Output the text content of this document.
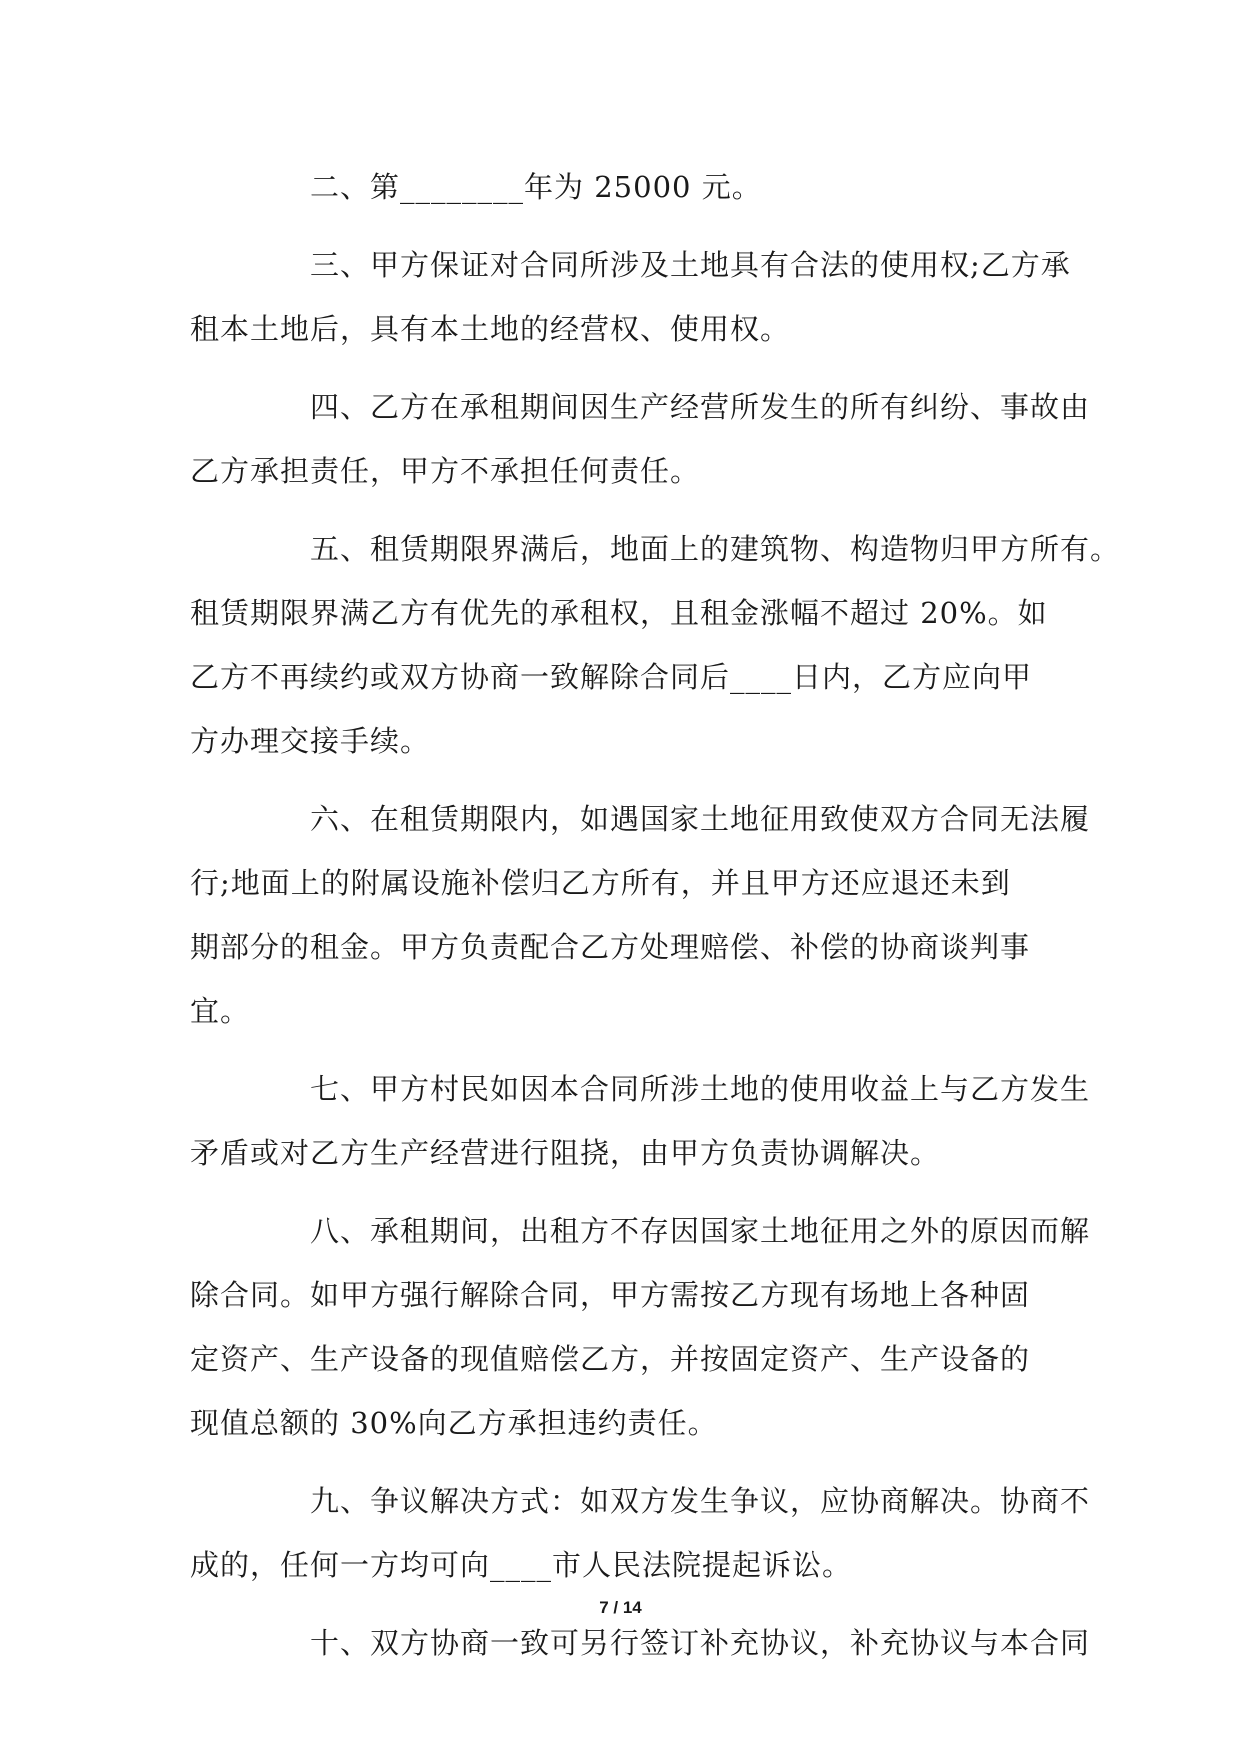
二、第________年为 25000 元。
三、甲方保证对合同所涉及土地具有合法的使用权;乙方承
租本土地后，具有本土地的经营权、使用权。
四、乙方在承租期间因生产经营所发生的所有纠纷、事故由
乙方承担责任，甲方不承担任何责任。
五、租赁期限界满后，地面上的建筑物、构造物归甲方所有。
租赁期限界满乙方有优先的承租权，且租金涨幅不超过 20%。如
乙方不再续约或双方协商一致解除合同后____日内，乙方应向甲
方办理交接手续。
六、在租赁期限内，如遇国家土地征用致使双方合同无法履
行;地面上的附属设施补偿归乙方所有，并且甲方还应退还未到
期部分的租金。甲方负责配合乙方处理赔偿、补偿的协商谈判事
宜。
七、甲方村民如因本合同所涉土地的使用收益上与乙方发生
矛盾或对乙方生产经营进行阻挠，由甲方负责协调解决。
八、承租期间，出租方不存因国家土地征用之外的原因而解
除合同。如甲方强行解除合同，甲方需按乙方现有场地上各种固
定资产、生产设备的现值赔偿乙方，并按固定资产、生产设备的
现值总额的 30%向乙方承担违约责任。
九、争议解决方式：如双方发生争议，应协商解决。协商不
成的，任何一方均可向____市人民法院提起诉讼。
十、双方协商一致可另行签订补充协议，补充协议与本合同
7 / 14
